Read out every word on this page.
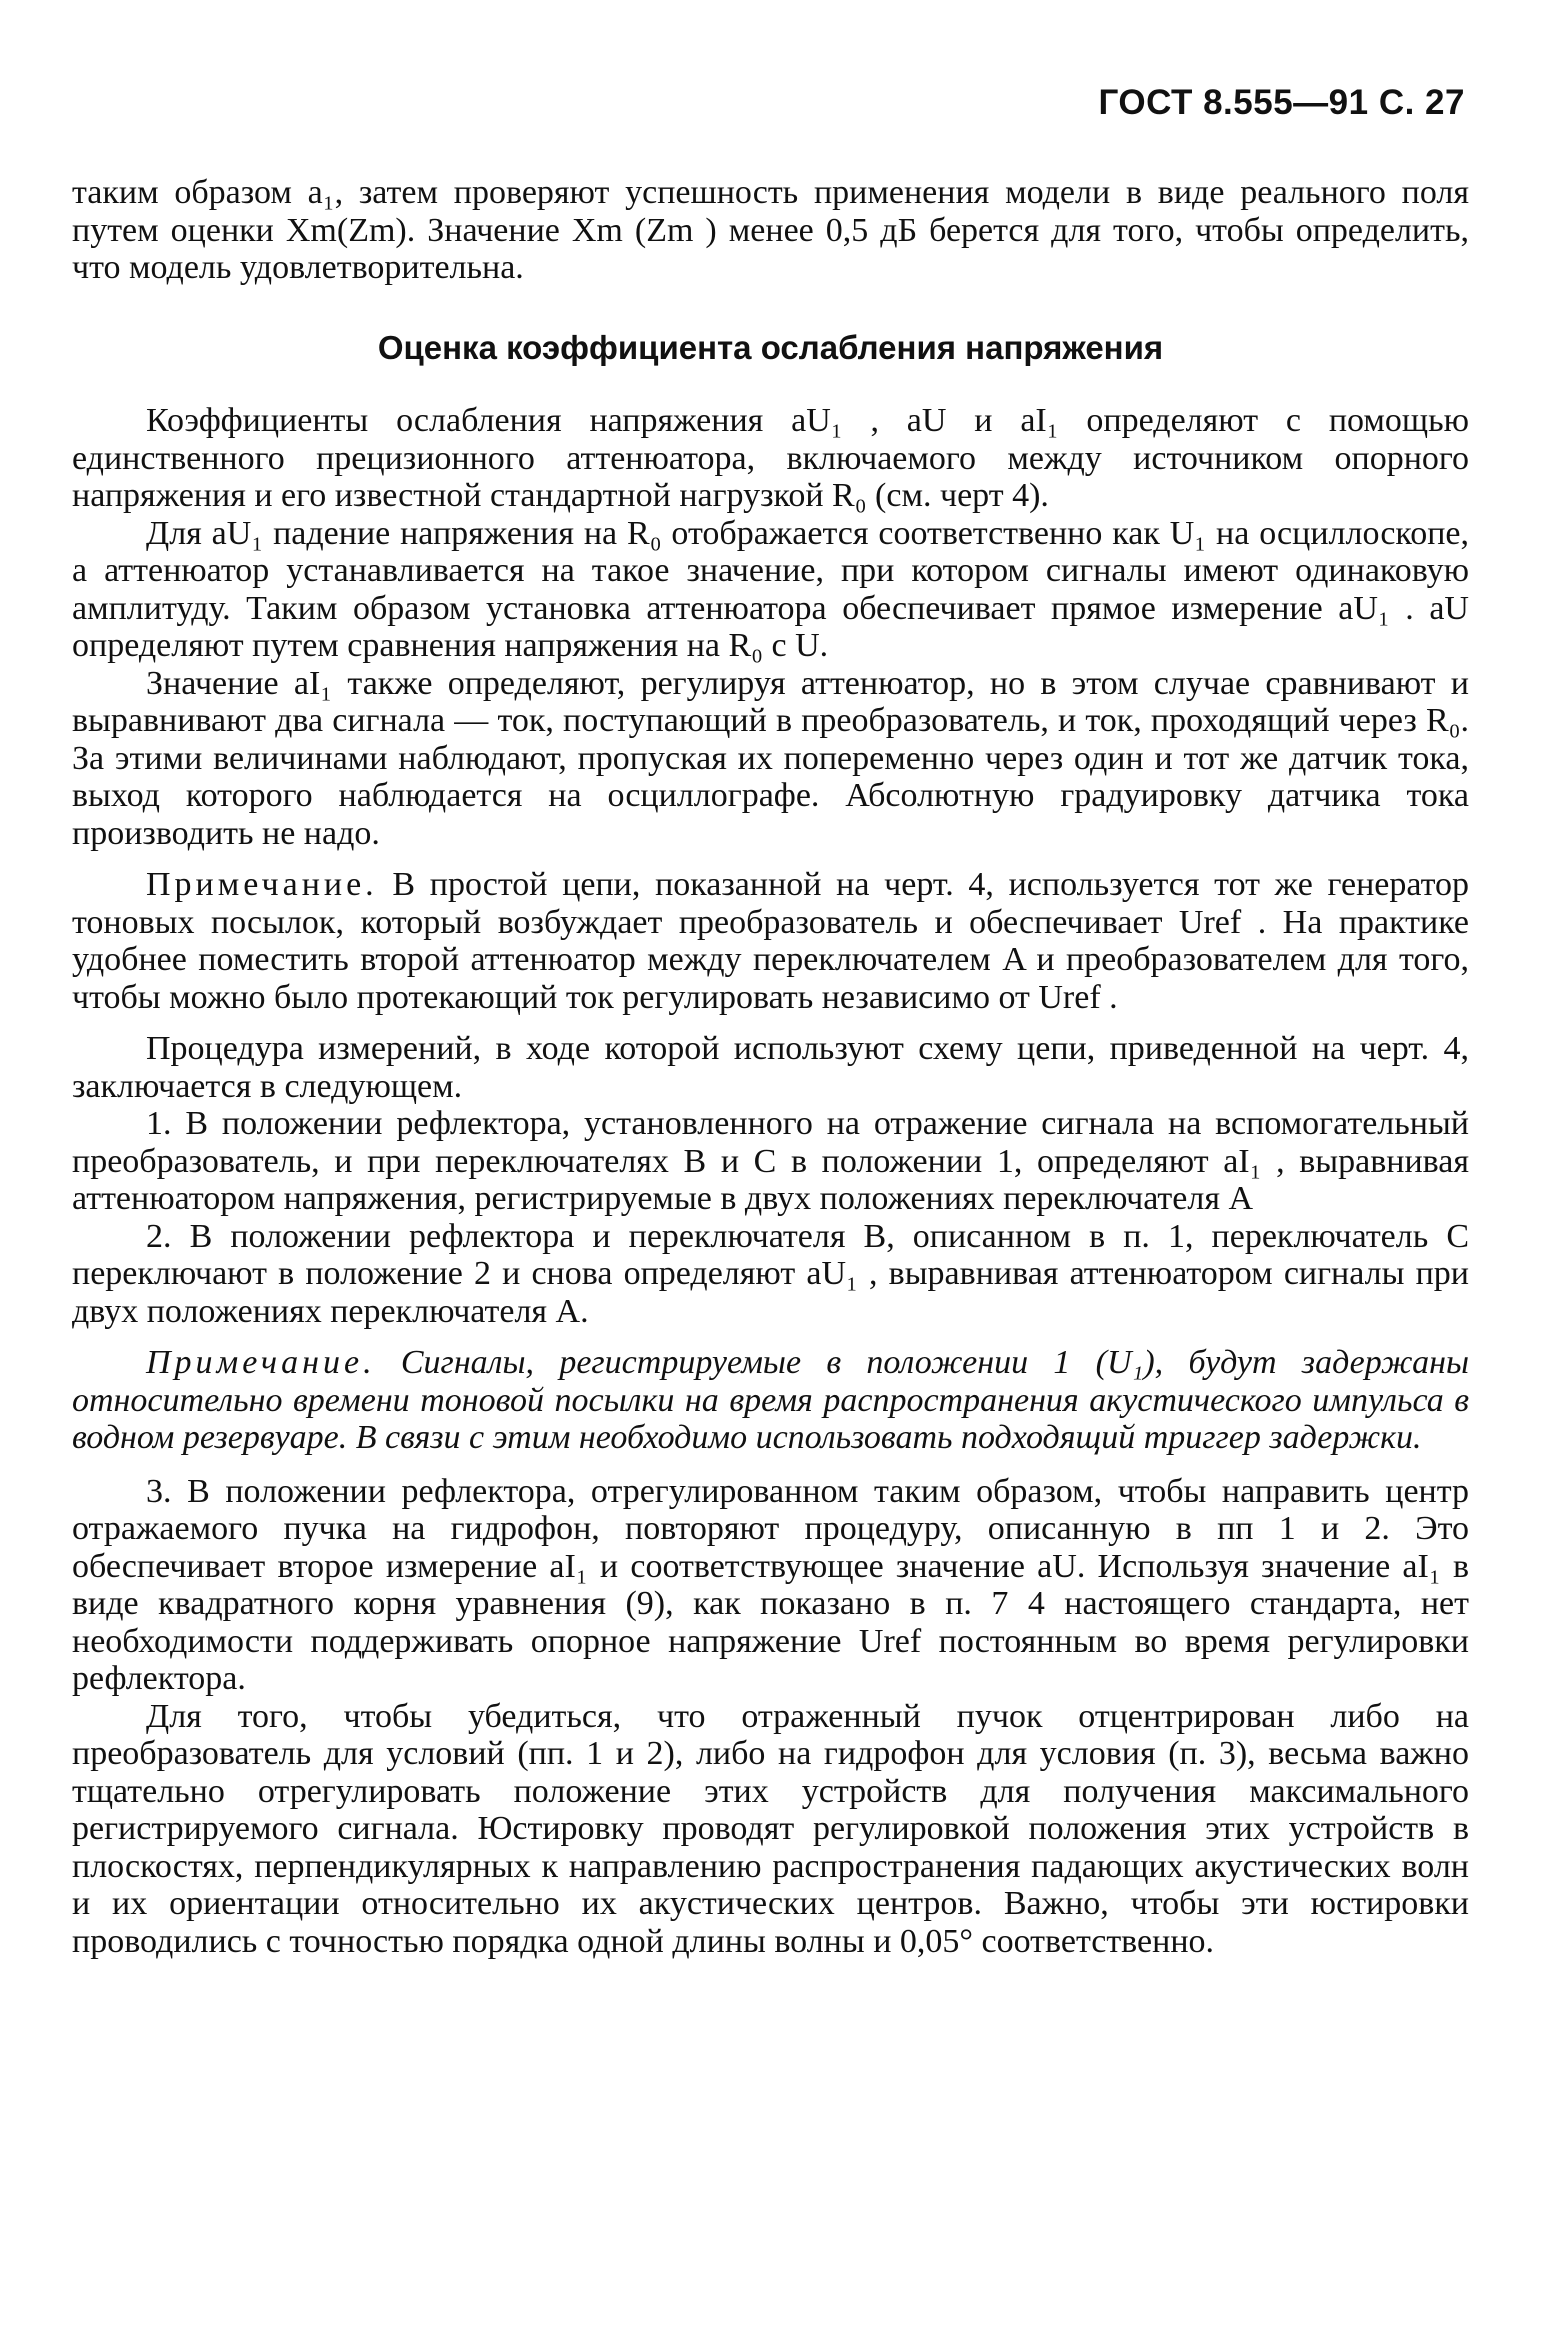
ГОСТ 8.555—91 С. 27

таким образом a₁, затем проверяют успешность применения модели в виде реального поля путем оценки Xm(Zm). Значение Xm (Zm ) менее 0,5 дБ берется для того, чтобы определить, что модель удовлетворительна.

Оценка коэффициента ослабления напряжения

Коэффициенты ослабления напряжения aU₁ , aU и aI₁ определяют с помощью единственного прецизионного аттенюатора, включаемого между источником опорного напряжения и его известной стандартной нагрузкой R₀ (см. черт 4).

Для aU₁ падение напряжения на R₀ отображается соответственно как U₁ на осциллоскопе, а аттенюатор устанавливается на такое значение, при котором сигналы имеют одинаковую амплитуду. Таким образом установка аттенюатора обеспечивает прямое измерение aU₁ . aU определяют путем сравнения напряжения на R₀ с U.

Значение aI₁ также определяют, регулируя аттенюатор, но в этом случае сравнивают и выравнивают два сигнала — ток, поступающий в преобразователь, и ток, проходящий через R₀. За этими величинами наблюдают, пропуская их попеременно через один и тот же датчик тока, выход которого наблюдается на осциллографе. Абсолютную градуировку датчика тока производить не надо.

Примечание. В простой цепи, показанной на черт. 4, используется тот же генератор тоновых посылок, который возбуждает преобразователь и обеспечивает Uref . На практике удобнее поместить второй аттенюатор между переключателем A и преобразователем для того, чтобы можно было протекающий ток регулировать независимо от Uref .

Процедура измерений, в ходе которой используют схему цепи, приведенной на черт. 4, заключается в следующем.

1. В положении рефлектора, установленного на отражение сигнала на вспомогательный преобразователь, и при переключателях B и C в положении 1, определяют aI₁ , выравнивая аттенюатором напряжения, регистрируемые в двух положениях переключателя A

2. В положении рефлектора и переключателя B, описанном в п. 1, переключатель C переключают в положение 2 и снова определяют aU₁ , выравнивая аттенюатором сигналы при двух положениях переключателя A.

Примечание. Сигналы, регистрируемые в положении 1 (U₁), будут задержаны относительно времени тоновой посылки на время распространения акустического импульса в водном резервуаре. В связи с этим необходимо использовать подходящий триггер задержки.

3. В положении рефлектора, отрегулированном таким образом, чтобы направить центр отражаемого пучка на гидрофон, повторяют процедуру, описанную в пп 1 и 2. Это обеспечивает второе измерение aI₁ и соответствующее значение aU. Используя значение aI₁ в виде квадратного корня уравнения (9), как показано в п. 7 4 настоящего стандарта, нет необходимости поддерживать опорное напряжение Uref постоянным во время регулировки рефлектора.

Для того, чтобы убедиться, что отраженный пучок отцентрирован либо на преобразователь для условий (пп. 1 и 2), либо на гидрофон для условия (п. 3), весьма важно тщательно отрегулировать положение этих устройств для получения максимального регистрируемого сигнала. Юстировку проводят регулировкой положения этих устройств в плоскостях, перпендикулярных к направлению распространения падающих акустических волн и их ориентации относительно их акустических центров. Важно, чтобы эти юстировки проводились с точностью порядка одной длины волны и 0,05° соответственно.
